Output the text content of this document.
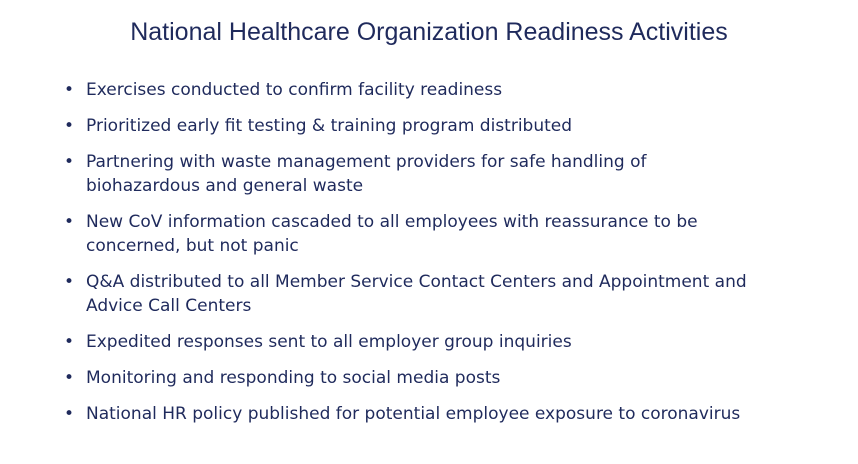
National Healthcare Organization Readiness Activities
• Exercises conducted to confirm facility readiness
• Prioritized early fit testing & training program distributed
• Partnering with waste management providers for safe handling of biohazardous and general waste
• New CoV information cascaded to all employees with reassurance to be concerned, but not panic
• Q&A distributed to all Member Service Contact Centers and Appointment and Advice Call Centers
• Expedited responses sent to all employer group inquiries
• Monitoring and responding to social media posts
• National HR policy published for potential employee exposure to coronavirus
